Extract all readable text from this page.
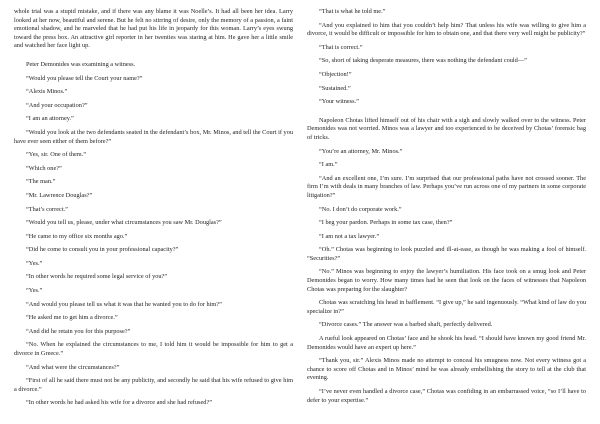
whole trial was a stupid mistake, and if there was any blame it was Noelle’s. It had all been her idea. Larry looked at her now, beautiful and serene. But he felt no stirring of desire, only the memory of a passion, a faint emotional shadow, and he marveled that he had put his life in jeopardy for this woman. Larry’s eyes swung toward the press box. An attractive girl reporter in her twenties was staring at him. He gave her a little smile and watched her face light up.

Peter Demonides was examining a witness.

“Would you please tell the Court your name?”

“Alexis Minos.”

“And your occupation?”

“I am an attorney.”

“Would you look at the two defendants seated in the defendant’s box, Mr. Minos, and tell the Court if you have ever seen either of them before?”

“Yes, sir. One of them.”

“Which one?”

“The man.”

“Mr. Lawrence Douglas?”

“That’s correct.”

“Would you tell us, please, under what circumstances you saw Mr. Douglas?”

“He came to my office six months ago.”

“Did he come to consult you in your professional capacity?”

“Yes.”

“In other words he required some legal service of you?”

“Yes.”

“And would you please tell us what it was that he wanted you to do for him?”

“He asked me to get him a divorce.”

“And did he retain you for this purpose?”

“No. When he explained the circumstances to me, I told him it would be impossible for him to get a divorce in Greece.”

“And what were the circumstances?”

“First of all he said there must not be any publicity, and secondly he said that his wife refused to give him a divorce.”

“In other words he had asked his wife for a divorce and she had refused?”

“That is what he told me.”

“And you explained to him that you couldn’t help him? That unless his wife was willing to give him a divorce, it would be difficult or impossible for him to obtain one, and that there very well might be publicity?”

“That is correct.”

“So, short of taking desperate measures, there was nothing the defendant could—”

“Objection!”

“Sustained.”

“Your witness.”

Napoleon Chotas lifted himself out of his chair with a sigh and slowly walked over to the witness. Peter Demonides was not worried. Minos was a lawyer and too experienced to be deceived by Chotas’ forensic bag of tricks.

“You’re an attorney, Mr. Minos.”

“I am.”

“And an excellent one, I’m sure. I’m surprised that our professional paths have not crossed sooner. The firm I’m with deals in many branches of law. Perhaps you’ve run across one of my partners in some corporate litigation?”

“No. I don’t do corporate work.”

“I beg your pardon. Perhaps in some tax case, then?”

“I am not a tax lawyer.”

“Oh.” Chotas was beginning to look puzzled and ill-at-ease, as though he was making a fool of himself. “Securities?”

“No.” Minos was beginning to enjoy the lawyer’s humiliation. His face took on a smug look and Peter Demonides began to worry. How many times had he seen that look on the faces of witnesses that Napoleon Chotas was preparing for the slaughter?

Chotas was scratching his head in bafflement. “I give up,” he said ingenuously. “What kind of law do you specialize in?”

“Divorce cases.” The answer was a barbed shaft, perfectly delivered.

A rueful look appeared on Chotas’ face and he shook his head. “I should have known my good friend Mr. Demonides would have an expert up here.”

“Thank you, sir.” Alexis Minos made no attempt to conceal his smugness now. Not every witness got a chance to score off Chotas and in Minos’ mind he was already embellishing the story to tell at the club that evening.

“I’ve never even handled a divorce case,” Chotas was confiding in an embarrassed voice, “so I’ll have to defer to your expertise.”
